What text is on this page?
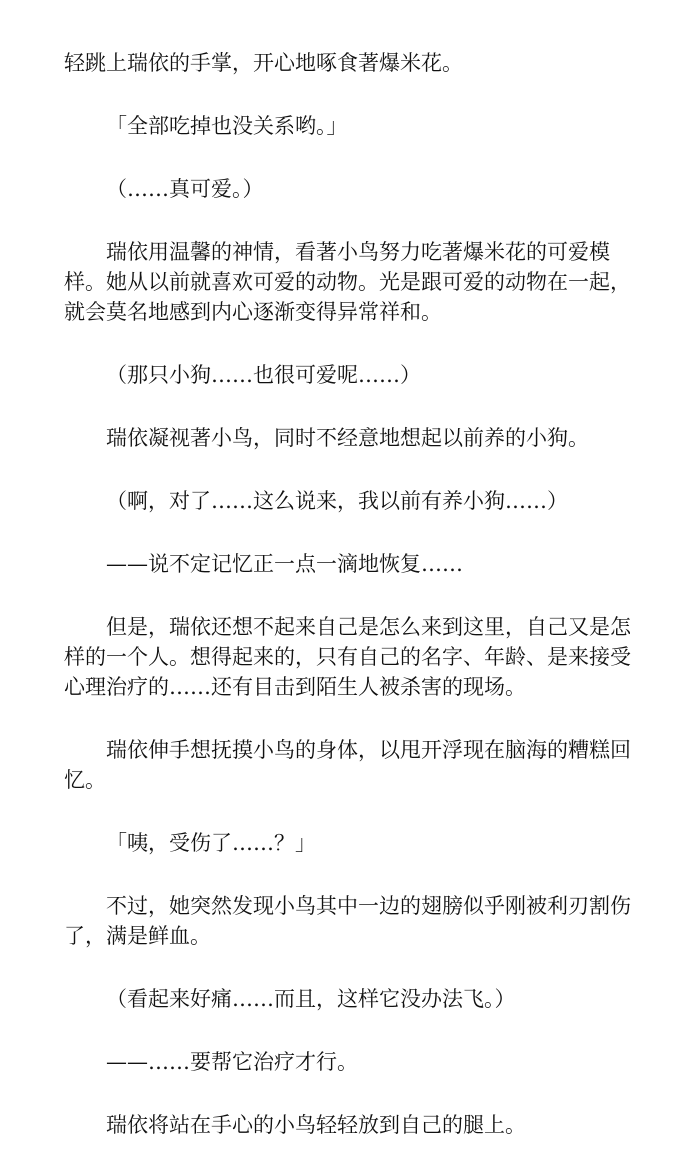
轻跳上瑞依的手掌，开心地啄食著爆米花。

「全部吃掉也没关系哟。」

（……真可爱。）

瑞依用温馨的神情，看著小鸟努力吃著爆米花的可爱模样。她从以前就喜欢可爱的动物。光是跟可爱的动物在一起，就会莫名地感到内心逐渐变得异常祥和。

（那只小狗……也很可爱呢……）

瑞依凝视著小鸟，同时不经意地想起以前养的小狗。

（啊，对了……这么说来，我以前有养小狗……）

——说不定记忆正一点一滴地恢复……

但是，瑞依还想不起来自己是怎么来到这里，自己又是怎样的一个人。想得起来的，只有自己的名字、年龄、是来接受心理治疗的……还有目击到陌生人被杀害的现场。

瑞依伸手想抚摸小鸟的身体，以甩开浮现在脑海的糟糕回忆。

「咦，受伤了……？」

不过，她突然发现小鸟其中一边的翅膀似乎刚被利刃割伤了，满是鲜血。

（看起来好痛……而且，这样它没办法飞。）

——……要帮它治疗才行。

瑞依将站在手心的小鸟轻轻放到自己的腿上。
